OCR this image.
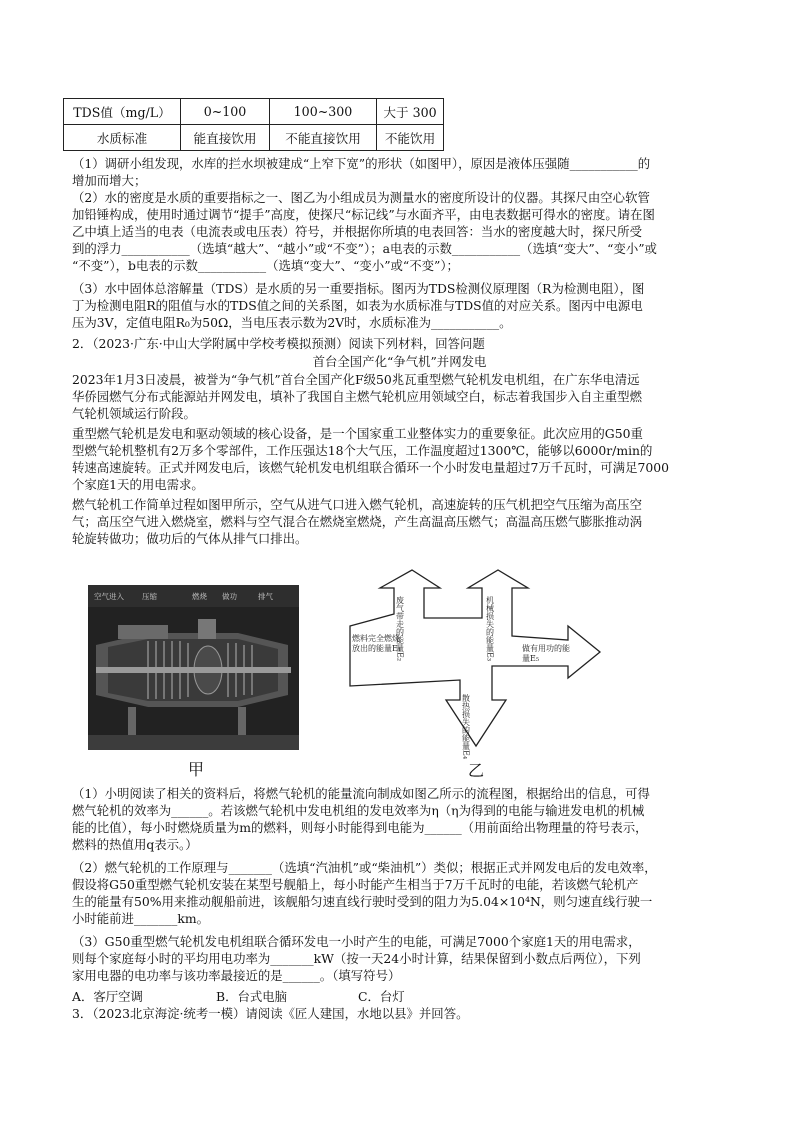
TDS值（mg/L）	0~100	100~300	大于 300
水质标准	能直接饮用	不能直接饮用	不能饮用
（1）调研小组发现，水库的拦水坝被建成“上窄下宽”的形状（如图甲），原因是液体压强随___________的
增加而增大；
（2）水的密度是水质的重要指标之一、图乙为小组成员为测量水的密度所设计的仪器。其探尺由空心软管
加铅锤构成，使用时通过调节“提手”高度，使探尺“标记线”与水面齐平，由电表数据可得水的密度。请在图
乙中填上适当的电表（电流表或电压表）符号，并根据你所填的电表回答：当水的密度越大时，探尺所受
到的浮力___________（选填“越大”、“越小”或“不变”）；a电表的示数___________（选填“变大”、“变小”或
“不变”），b电表的示数___________（选填“变大”、“变小”或“不变”）；
（3）水中固体总溶解量（TDS）是水质的另一重要指标。图丙为TDS检测仪原理图（R为检测电阻），图
丁为检测电阻R的阻值与水的TDS值之间的关系图，如表为水质标准与TDS值的对应关系。图丙中电源电
压为3V，定值电阻R₀为50Ω，当电压表示数为2V时，水质标准为___________。
2．（2023·广东·中山大学附属中学校考模拟预测）阅读下列材料，回答问题
首台全国产化“争气机”并网发电
2023年1月3日凌晨，被誉为“争气机”首台全国产化F级50兆瓦重型燃气轮机发电机组，在广东华电清远
华侨园燃气分布式能源站并网发电，填补了我国自主燃气轮机应用领域空白，标志着我国步入自主重型燃
气轮机领域运行阶段。
重型燃气轮机是发电和驱动领域的核心设备，是一个国家重工业整体实力的重要象征。此次应用的G50重
型燃气轮机整机有2万多个零部件，工作压强达18个大气压，工作温度超过1300℃，能够以6000r/min的
转速高速旋转。正式并网发电后，该燃气轮机发电机组联合循环一个小时发电量超过7万千瓦时，可满足7000
个家庭1天的用电需求。
燃气轮机工作简单过程如图甲所示，空气从进气口进入燃气轮机，高速旋转的压气机把空气压缩为高压空
气；高压空气进入燃烧室，燃料与空气混合在燃烧室燃烧，产生高温高压燃气；高温高压燃气膨胀推动涡
轮旋转做功；做功后的气体从排气口排出。
空气进入 压缩	燃烧 做功	排气
甲
废气带走的能量E₂	机械损失的能量E₃
散热损失的能量E₄
燃料完全燃烧放出的能量E₁	做有用功的能量E₅
乙
（1）小明阅读了相关的资料后，将燃气轮机的能量流向制成如图乙所示的流程图，根据给出的信息，可得
燃气轮机的效率为______。若该燃气轮机中发电机组的发电效率为η（η为得到的电能与输进发电机的机械
能的比值），每小时燃烧质量为m的燃料，则每小时能得到电能为______（用前面给出物理量的符号表示，
燃料的热值用q表示。）
（2）燃气轮机的工作原理与_______（选填“汽油机”或“柴油机”）类似；根据正式并网发电后的发电效率，
假设将G50重型燃气轮机安装在某型号舰船上，每小时能产生相当于7万千瓦时的电能，若该燃气轮机产
生的能量有50%用来推动舰船前进，该舰船匀速直线行驶时受到的阻力为5.04×10⁴N，则匀速直线行驶一
小时能前进_______km。
（3）G50重型燃气轮机发电机组联合循环发电一小时产生的电能，可满足7000个家庭1天的用电需求，
则每个家庭每小时的平均用电功率为_______kW（按一天24小时计算，结果保留到小数点后两位），下列
家用电器的电功率与该功率最接近的是______。（填写符号）
A．客厅空调	B．台式电脑	C．台灯
3．（2023北京海淀·统考一模）请阅读《匠人建国，水地以县》并回答。
